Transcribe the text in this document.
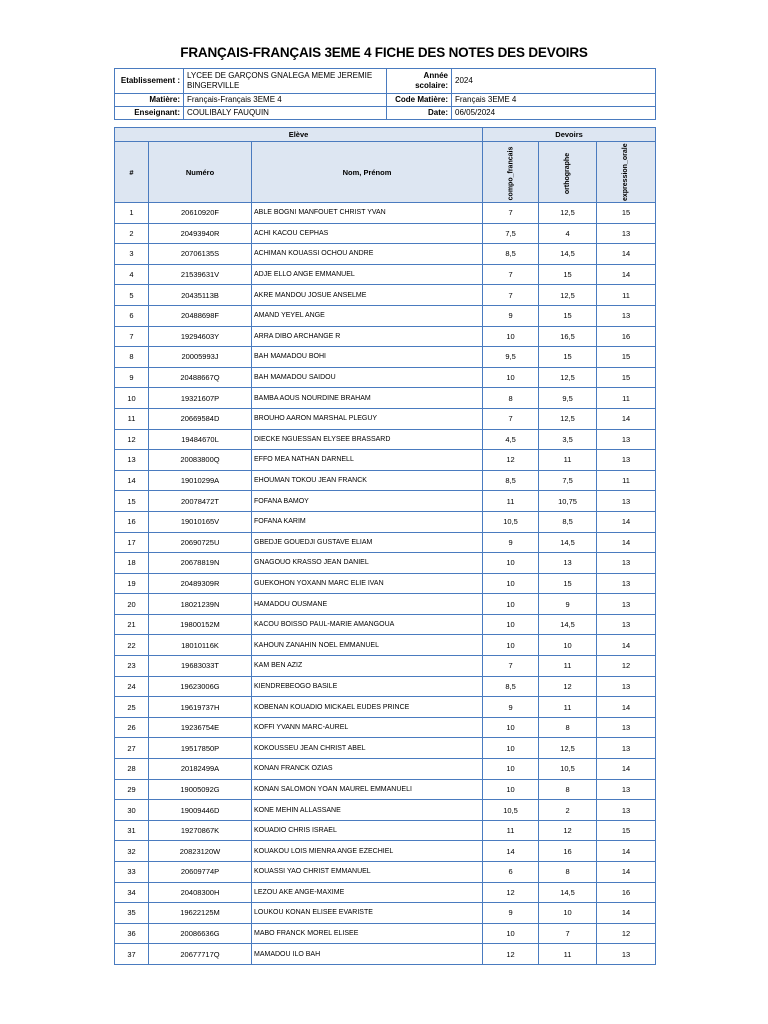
FRANÇAIS-FRANÇAIS 3EME 4 FICHE DES NOTES DES DEVOIRS
Etablissement :	LYCEE DE GARÇONS GNALEGA MEME JEREMIE BINGERVILLE	Année scolaire:	2024
Matière:	Français-Français 3EME 4	Code Matière:	Français 3EME 4
Enseignant:	COULIBALY FAUQUIN	Date:	06/05/2024
Elève			Devoirs		
#	Numéro	Nom, Prénom	compo_francais	orthographe	expression_orale
1	20610920F	ABLE BOGNI MANFOUET CHRIST YVAN	7	12,5	15
2	20493940R	ACHI KACOU CEPHAS	7,5	4	13
3	20706135S	ACHIMAN KOUASSI OCHOU ANDRE	8,5	14,5	14
4	21539631V	ADJE ELLO ANGE EMMANUEL	7	15	14
5	20435113B	AKRE MANDOU JOSUE ANSELME	7	12,5	11
6	20488698F	AMAND YEYEL ANGE	9	15	13
7	19294603Y	ARRA DIBO ARCHANGE R	10	16,5	16
8	20005993J	BAH MAMADOU BOHI	9,5	15	15
9	20488667Q	BAH MAMADOU SAIDOU	10	12,5	15
10	19321607P	BAMBA AOUS NOURDINE BRAHAM	8	9,5	11
11	20669584D	BROUHO AARON MARSHAL PLEGUY	7	12,5	14
12	19484670L	DIECKE NGUESSAN ELYSEE BRASSARD	4,5	3,5	13
13	20083800Q	EFFO MEA NATHAN DARNELL	12	11	13
14	19010299A	EHOUMAN TOKOU JEAN FRANCK	8,5	7,5	11
15	20078472T	FOFANA BAMOY	11	10,75	13
16	19010165V	FOFANA KARIM	10,5	8,5	14
17	20690725U	GBEDJE GOUEDJI GUSTAVE ELIAM	9	14,5	14
18	20678819N	GNAGOUO KRASSO JEAN DANIEL	10	13	13
19	20489309R	GUEKOHON YOXANN MARC ELIE IVAN	10	15	13
20	18021239N	HAMADOU OUSMANE	10	9	13
21	19800152M	KACOU BOISSO PAUL-MARIE AMANGOUA	10	14,5	13
22	18010116K	KAHOUN ZANAHIN NOEL EMMANUEL	10	10	14
23	19683033T	KAM BEN AZIZ	7	11	12
24	19623006G	KIENDREBEOGO BASILE	8,5	12	13
25	19619737H	KOBENAN KOUADIO MICKAEL EUDES PRINCE	9	11	14
26	19236754E	KOFFI YVANN MARC-AUREL	10	8	13
27	19517850P	KOKOUSSEU JEAN CHRIST ABEL	10	12,5	13
28	20182499A	KONAN FRANCK OZIAS	10	10,5	14
29	19005092G	KONAN SALOMON YOAN MAUREL EMMANUELI	10	8	13
30	19009446D	KONE MEHIN ALLASSANE	10,5	2	13
31	19270867K	KOUADIO CHRIS ISRAEL	11	12	15
32	20823120W	KOUAKOU LOIS MIENRA ANGE EZECHIEL	14	16	14
33	20609774P	KOUASSI YAO CHRIST EMMANUEL	6	8	14
34	20408300H	LEZOU AKE ANGE-MAXIME	12	14,5	16
35	19622125M	LOUKOU KONAN ELISEE EVARISTE	9	10	14
36	20086636G	MABO FRANCK MOREL ELISEE	10	7	12
37	20677717Q	MAMADOU ILO BAH	12	11	13
